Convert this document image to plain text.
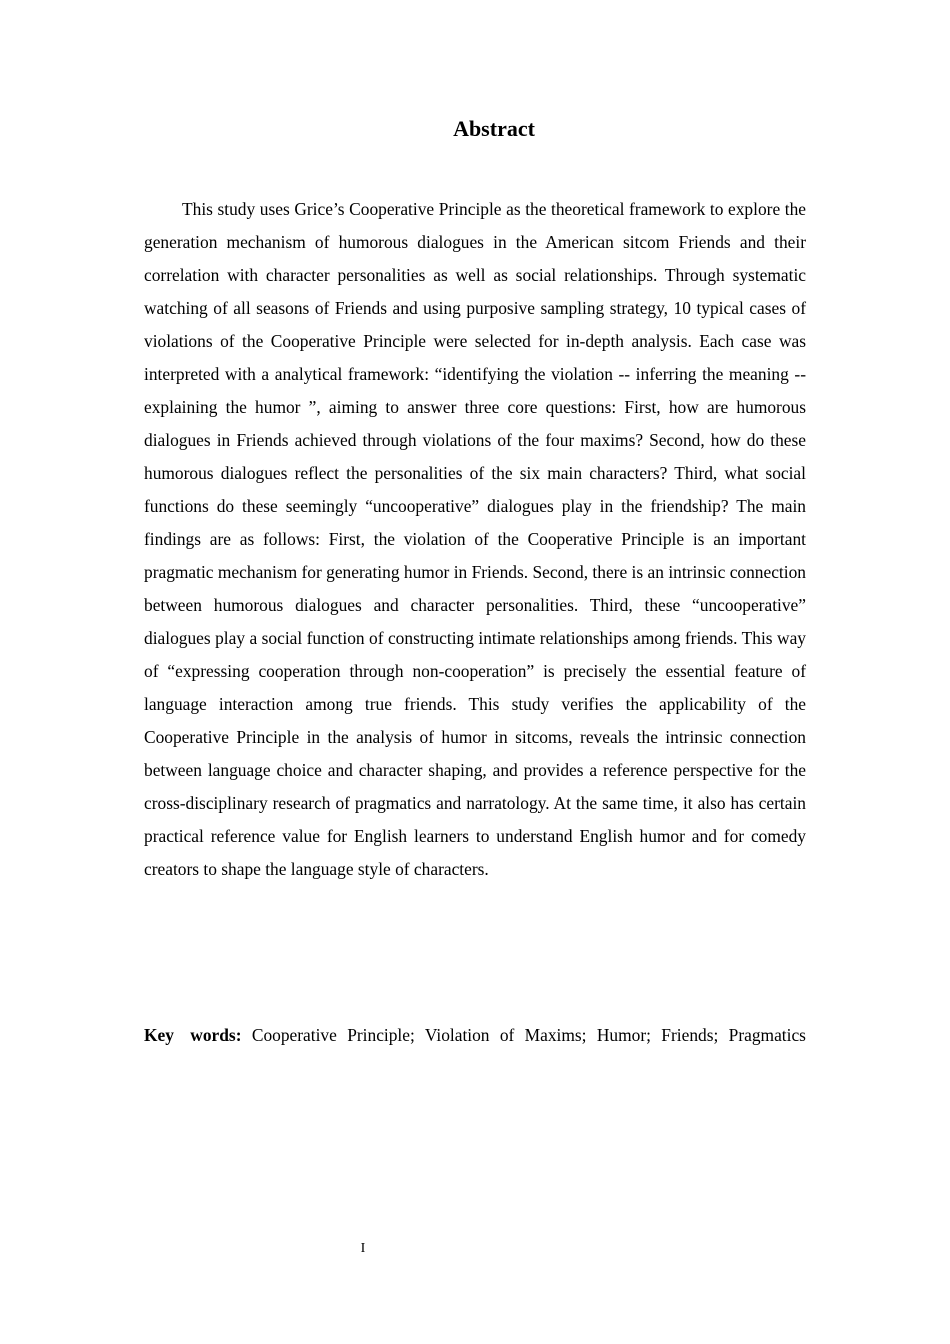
Abstract

This study uses Grice’s Cooperative Principle as the theoretical framework to explore the generation mechanism of humorous dialogues in the American sitcom Friends and their correlation with character personalities as well as social relationships. Through systematic watching of all seasons of Friends and using purposive sampling strategy, 10 typical cases of violations of the Cooperative Principle were selected for in-depth analysis. Each case was interpreted with a analytical framework: “identifying the violation -- inferring the meaning -- explaining the humor ”, aiming to answer three core questions: First, how are humorous dialogues in Friends achieved through violations of the four maxims? Second, how do these humorous dialogues reflect the personalities of the six main characters? Third, what social functions do these seemingly “uncooperative” dialogues play in the friendship? The main findings are as follows: First, the violation of the Cooperative Principle is an important pragmatic mechanism for generating humor in Friends. Second, there is an intrinsic connection between humorous dialogues and character personalities. Third, these “uncooperative” dialogues play a social function of constructing intimate relationships among friends. This way of “expressing cooperation through non-cooperation” is precisely the essential feature of language interaction among true friends. This study verifies the applicability of the Cooperative Principle in the analysis of humor in sitcoms, reveals the intrinsic connection between language choice and character shaping, and provides a reference perspective for the cross-disciplinary research of pragmatics and narratology. At the same time, it also has certain practical reference value for English learners to understand English humor and for comedy creators to shape the language style of characters.

Key words: Cooperative Principle; Violation of Maxims; Humor; Friends; Pragmatics

I
